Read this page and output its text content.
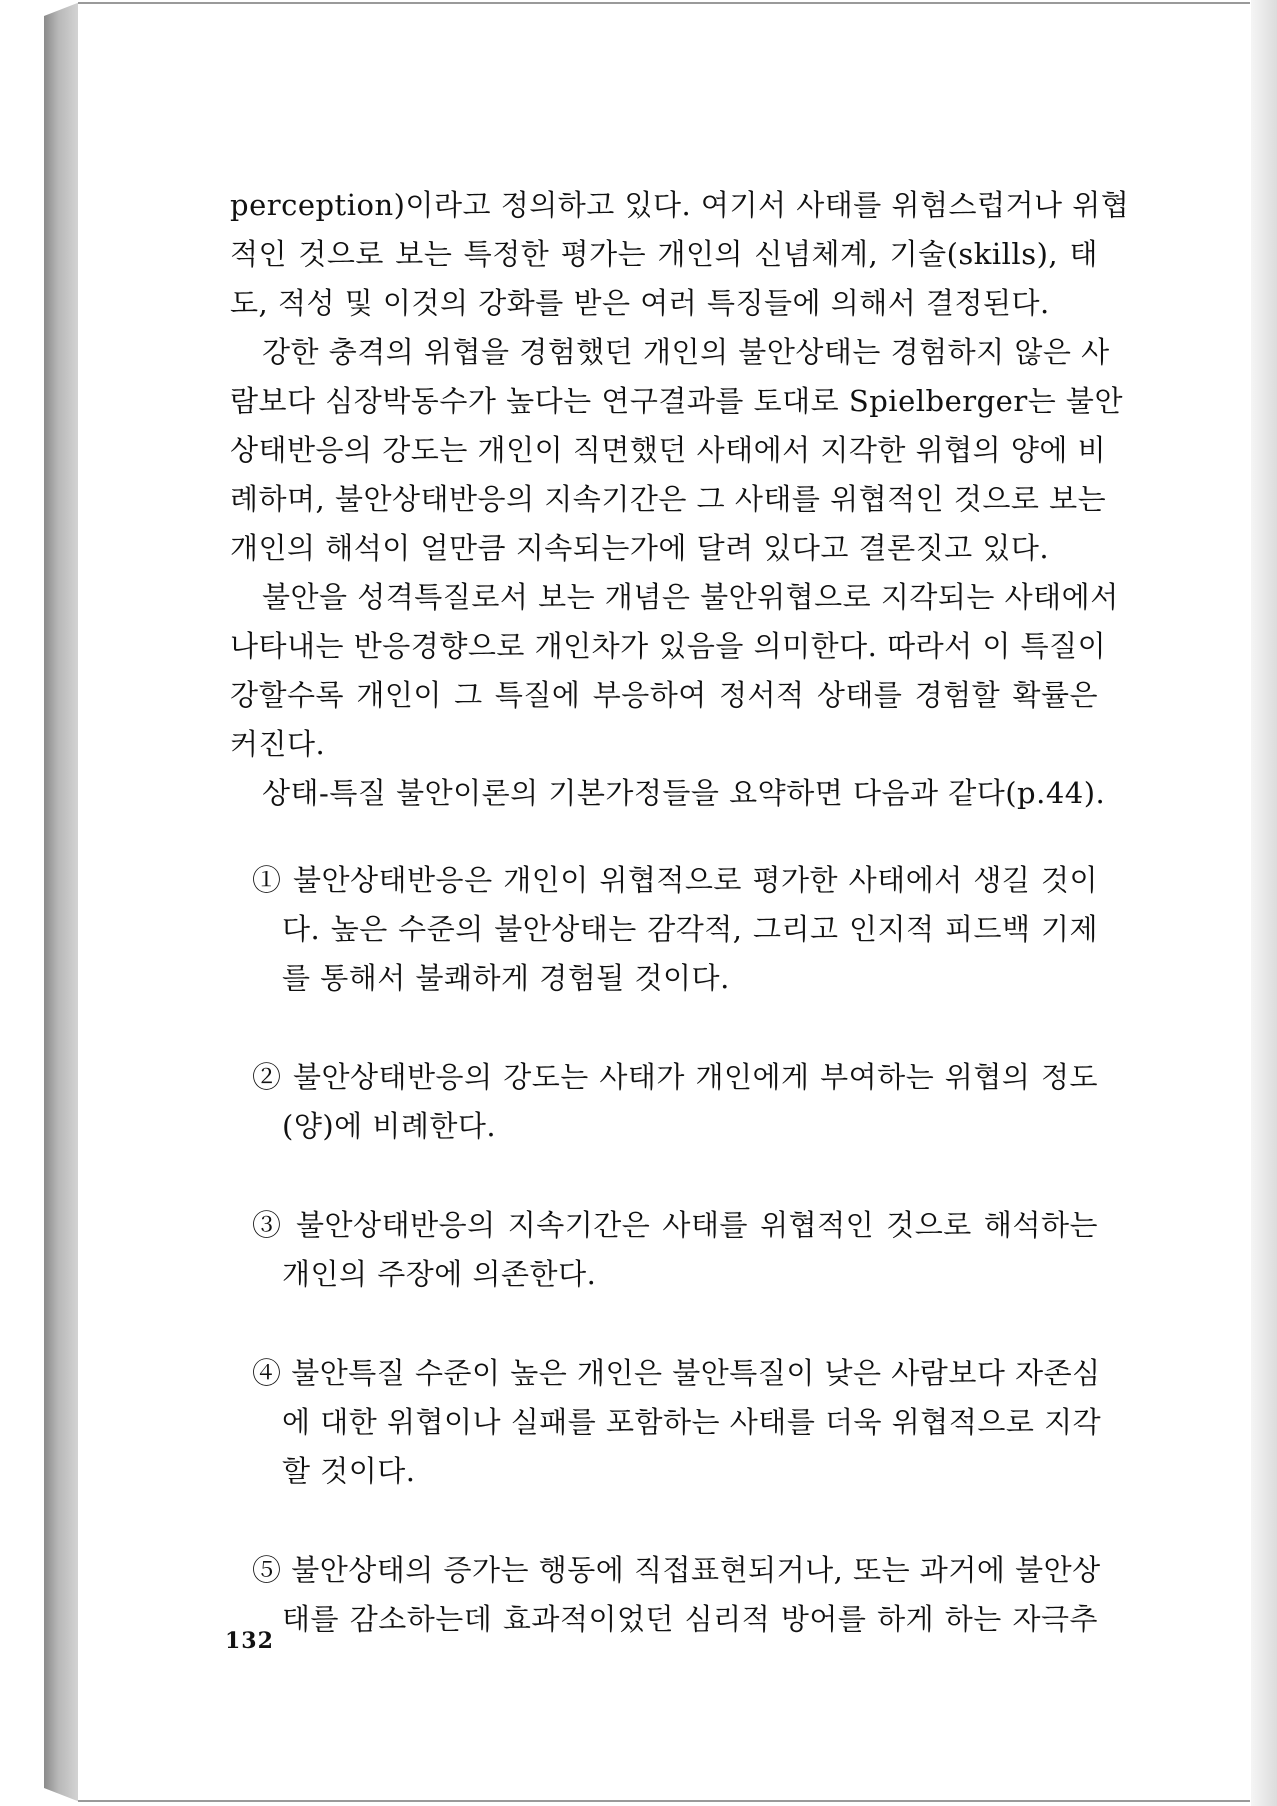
perception)이라고 정의하고 있다. 여기서 사태를 위험스럽거나 위협
적인 것으로 보는 특정한 평가는 개인의 신념체계, 기술(skills), 태
도, 적성 및 이것의 강화를 받은 여러 특징들에 의해서 결정된다.
강한 충격의 위협을 경험했던 개인의 불안상태는 경험하지 않은 사
람보다 심장박동수가 높다는 연구결과를 토대로 Spielberger는 불안
상태반응의 강도는 개인이 직면했던 사태에서 지각한 위협의 양에 비
례하며, 불안상태반응의 지속기간은 그 사태를 위협적인 것으로 보는
개인의 해석이 얼만큼 지속되는가에 달려 있다고 결론짓고 있다.
불안을 성격특질로서 보는 개념은 불안위협으로 지각되는 사태에서
나타내는 반응경향으로 개인차가 있음을 의미한다. 따라서 이 특질이
강할수록 개인이 그 특질에 부응하여 정서적 상태를 경험할 확률은
커진다.
상태-특질 불안이론의 기본가정들을 요약하면 다음과 같다(p.44).
① 불안상태반응은 개인이 위협적으로 평가한 사태에서 생길 것이
다. 높은 수준의 불안상태는 감각적, 그리고 인지적 피드백 기제
를 통해서 불쾌하게 경험될 것이다.
② 불안상태반응의 강도는 사태가 개인에게 부여하는 위협의 정도
(양)에 비례한다.
③ 불안상태반응의 지속기간은 사태를 위협적인 것으로 해석하는
개인의 주장에 의존한다.
④ 불안특질 수준이 높은 개인은 불안특질이 낮은 사람보다 자존심
에 대한 위협이나 실패를 포함하는 사태를 더욱 위협적으로 지각
할 것이다.
⑤ 불안상태의 증가는 행동에 직접표현되거나, 또는 과거에 불안상
태를 감소하는데 효과적이었던 심리적 방어를 하게 하는 자극추
132
